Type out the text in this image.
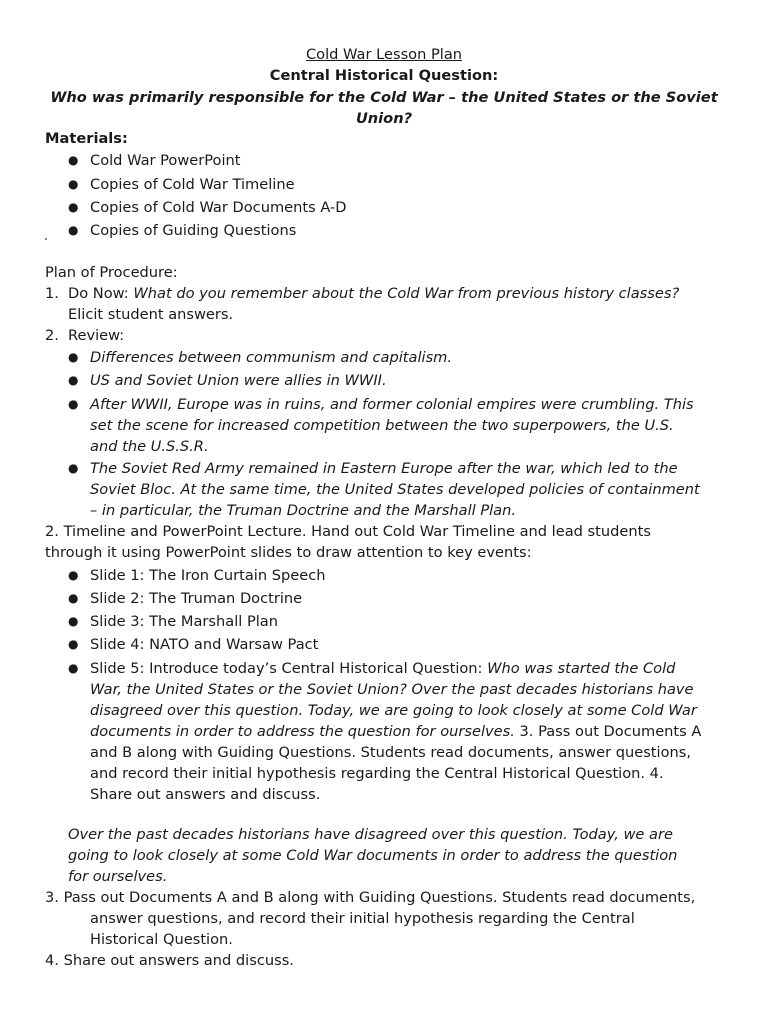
Cold War Lesson Plan
Central Historical Question:
Who was primarily responsible for the Cold War – the United States or the Soviet Union?
Materials:
● Cold War PowerPoint
● Copies of Cold War Timeline
● Copies of Cold War Documents A-D
● Copies of Guiding Questions
Plan of Procedure:
1. Do Now: What do you remember about the Cold War from previous history classes?
Elicit student answers.
2. Review:
● Differences between communism and capitalism.
● US and Soviet Union were allies in WWII.
● After WWII, Europe was in ruins, and former colonial empires were crumbling. This
set the scene for increased competition between the two superpowers, the U.S.
and the U.S.S.R.
● The Soviet Red Army remained in Eastern Europe after the war, which led to the
Soviet Bloc. At the same time, the United States developed policies of containment
– in particular, the Truman Doctrine and the Marshall Plan.
2. Timeline and PowerPoint Lecture. Hand out Cold War Timeline and lead students
through it using PowerPoint slides to draw attention to key events:
● Slide 1: The Iron Curtain Speech
● Slide 2: The Truman Doctrine
● Slide 3: The Marshall Plan
● Slide 4: NATO and Warsaw Pact
● Slide 5: Introduce today’s Central Historical Question: Who was started the Cold
War, the United States or the Soviet Union? Over the past decades historians have
disagreed over this question. Today, we are going to look closely at some Cold War
documents in order to address the question for ourselves. 3. Pass out Documents A
and B along with Guiding Questions. Students read documents, answer questions,
and record their initial hypothesis regarding the Central Historical Question. 4.
Share out answers and discuss.
Over the past decades historians have disagreed over this question. Today, we are
going to look closely at some Cold War documents in order to address the question
for ourselves.
3. Pass out Documents A and B along with Guiding Questions. Students read documents,
answer questions, and record their initial hypothesis regarding the Central
Historical Question.
4. Share out answers and discuss.
